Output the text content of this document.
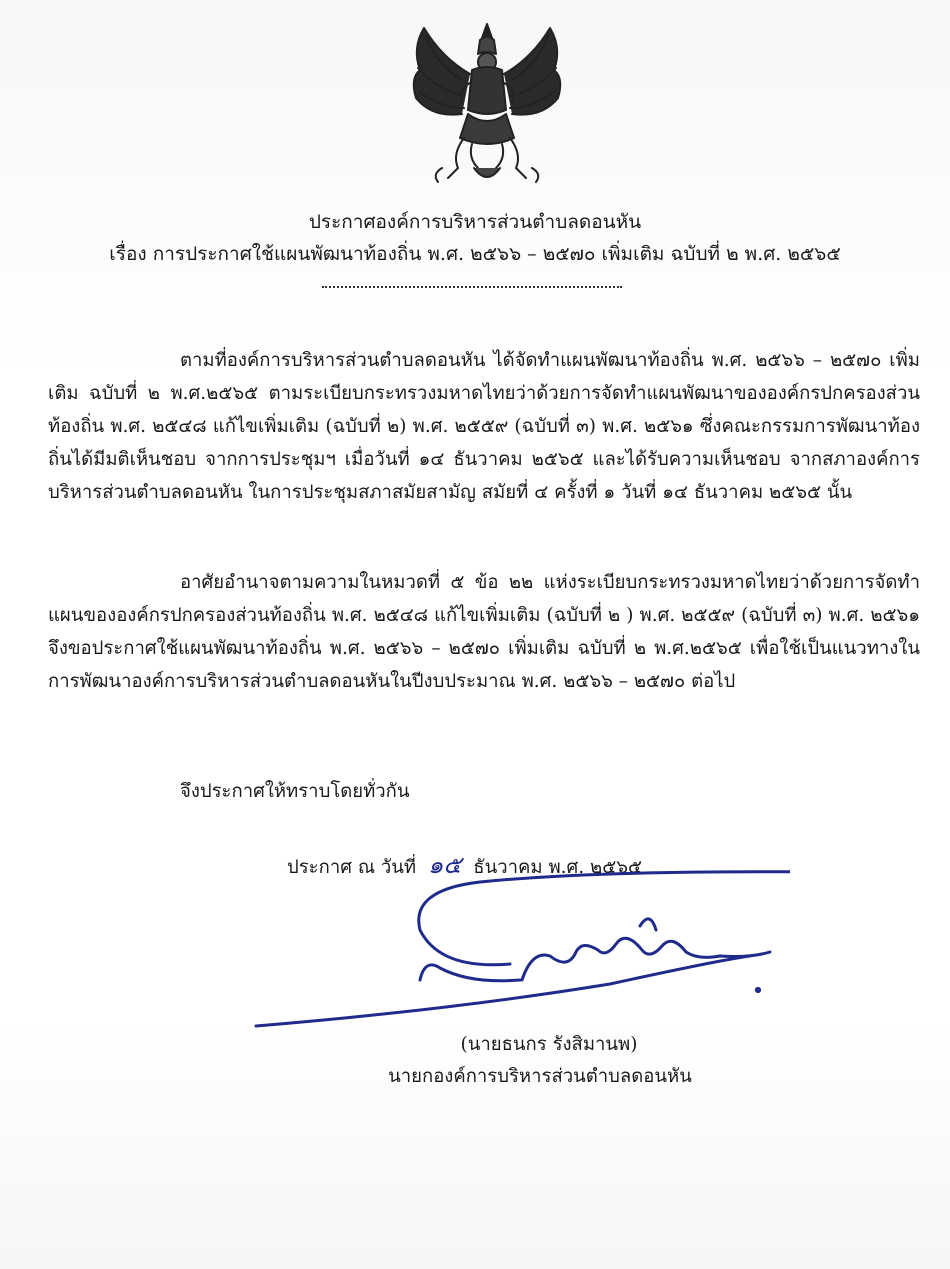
ประกาศองค์การบริหารส่วนตำบลดอนหัน
เรื่อง การประกาศใช้แผนพัฒนาท้องถิ่น พ.ศ. ๒๕๖๖ – ๒๕๗๐ เพิ่มเติม ฉบับที่ ๒ พ.ศ. ๒๕๖๕
ตามที่องค์การบริหารส่วนตำบลดอนหัน ได้จัดทำแผนพัฒนาท้องถิ่น พ.ศ. ๒๕๖๖ – ๒๕๗๐ เพิ่มเติม ฉบับที่ ๒ พ.ศ.๒๕๖๕ ตามระเบียบกระทรวงมหาดไทยว่าด้วยการจัดทำแผนพัฒนาขององค์กรปกครองส่วนท้องถิ่น พ.ศ. ๒๕๔๘ แก้ไขเพิ่มเติม (ฉบับที่ ๒) พ.ศ. ๒๕๕๙ (ฉบับที่ ๓) พ.ศ. ๒๕๖๑ ซึ่งคณะกรรมการพัฒนาท้องถิ่นได้มีมติเห็นชอบ จากการประชุมฯ เมื่อวันที่ ๑๔ ธันวาคม ๒๕๖๕ และได้รับความเห็นชอบ จากสภาองค์การบริหารส่วนตำบลดอนหัน ในการประชุมสภาสมัยสามัญ สมัยที่ ๔ ครั้งที่ ๑ วันที่ ๑๔ ธันวาคม ๒๕๖๕ นั้น
อาศัยอำนาจตามความในหมวดที่ ๕ ข้อ ๒๒ แห่งระเบียบกระทรวงมหาดไทยว่าด้วยการจัดทำแผนขององค์กรปกครองส่วนท้องถิ่น พ.ศ. ๒๕๔๘ แก้ไขเพิ่มเติม (ฉบับที่ ๒ ) พ.ศ. ๒๕๕๙ (ฉบับที่ ๓) พ.ศ. ๒๕๖๑ จึงขอประกาศใช้แผนพัฒนาท้องถิ่น พ.ศ. ๒๕๖๖ – ๒๕๗๐ เพิ่มเติม ฉบับที่ ๒ พ.ศ.๒๕๖๕ เพื่อใช้เป็นแนวทางในการพัฒนาองค์การบริหารส่วนตำบลดอนหันในปีงบประมาณ พ.ศ. ๒๕๖๖ – ๒๕๗๐ ต่อไป
จึงประกาศให้ทราบโดยทั่วกัน
ประกาศ ณ วันที่ ๑๕ ธันวาคม พ.ศ. ๒๕๖๕
(นายธนกร รังสิมานพ)
นายกองค์การบริหารส่วนตำบลดอนหัน
